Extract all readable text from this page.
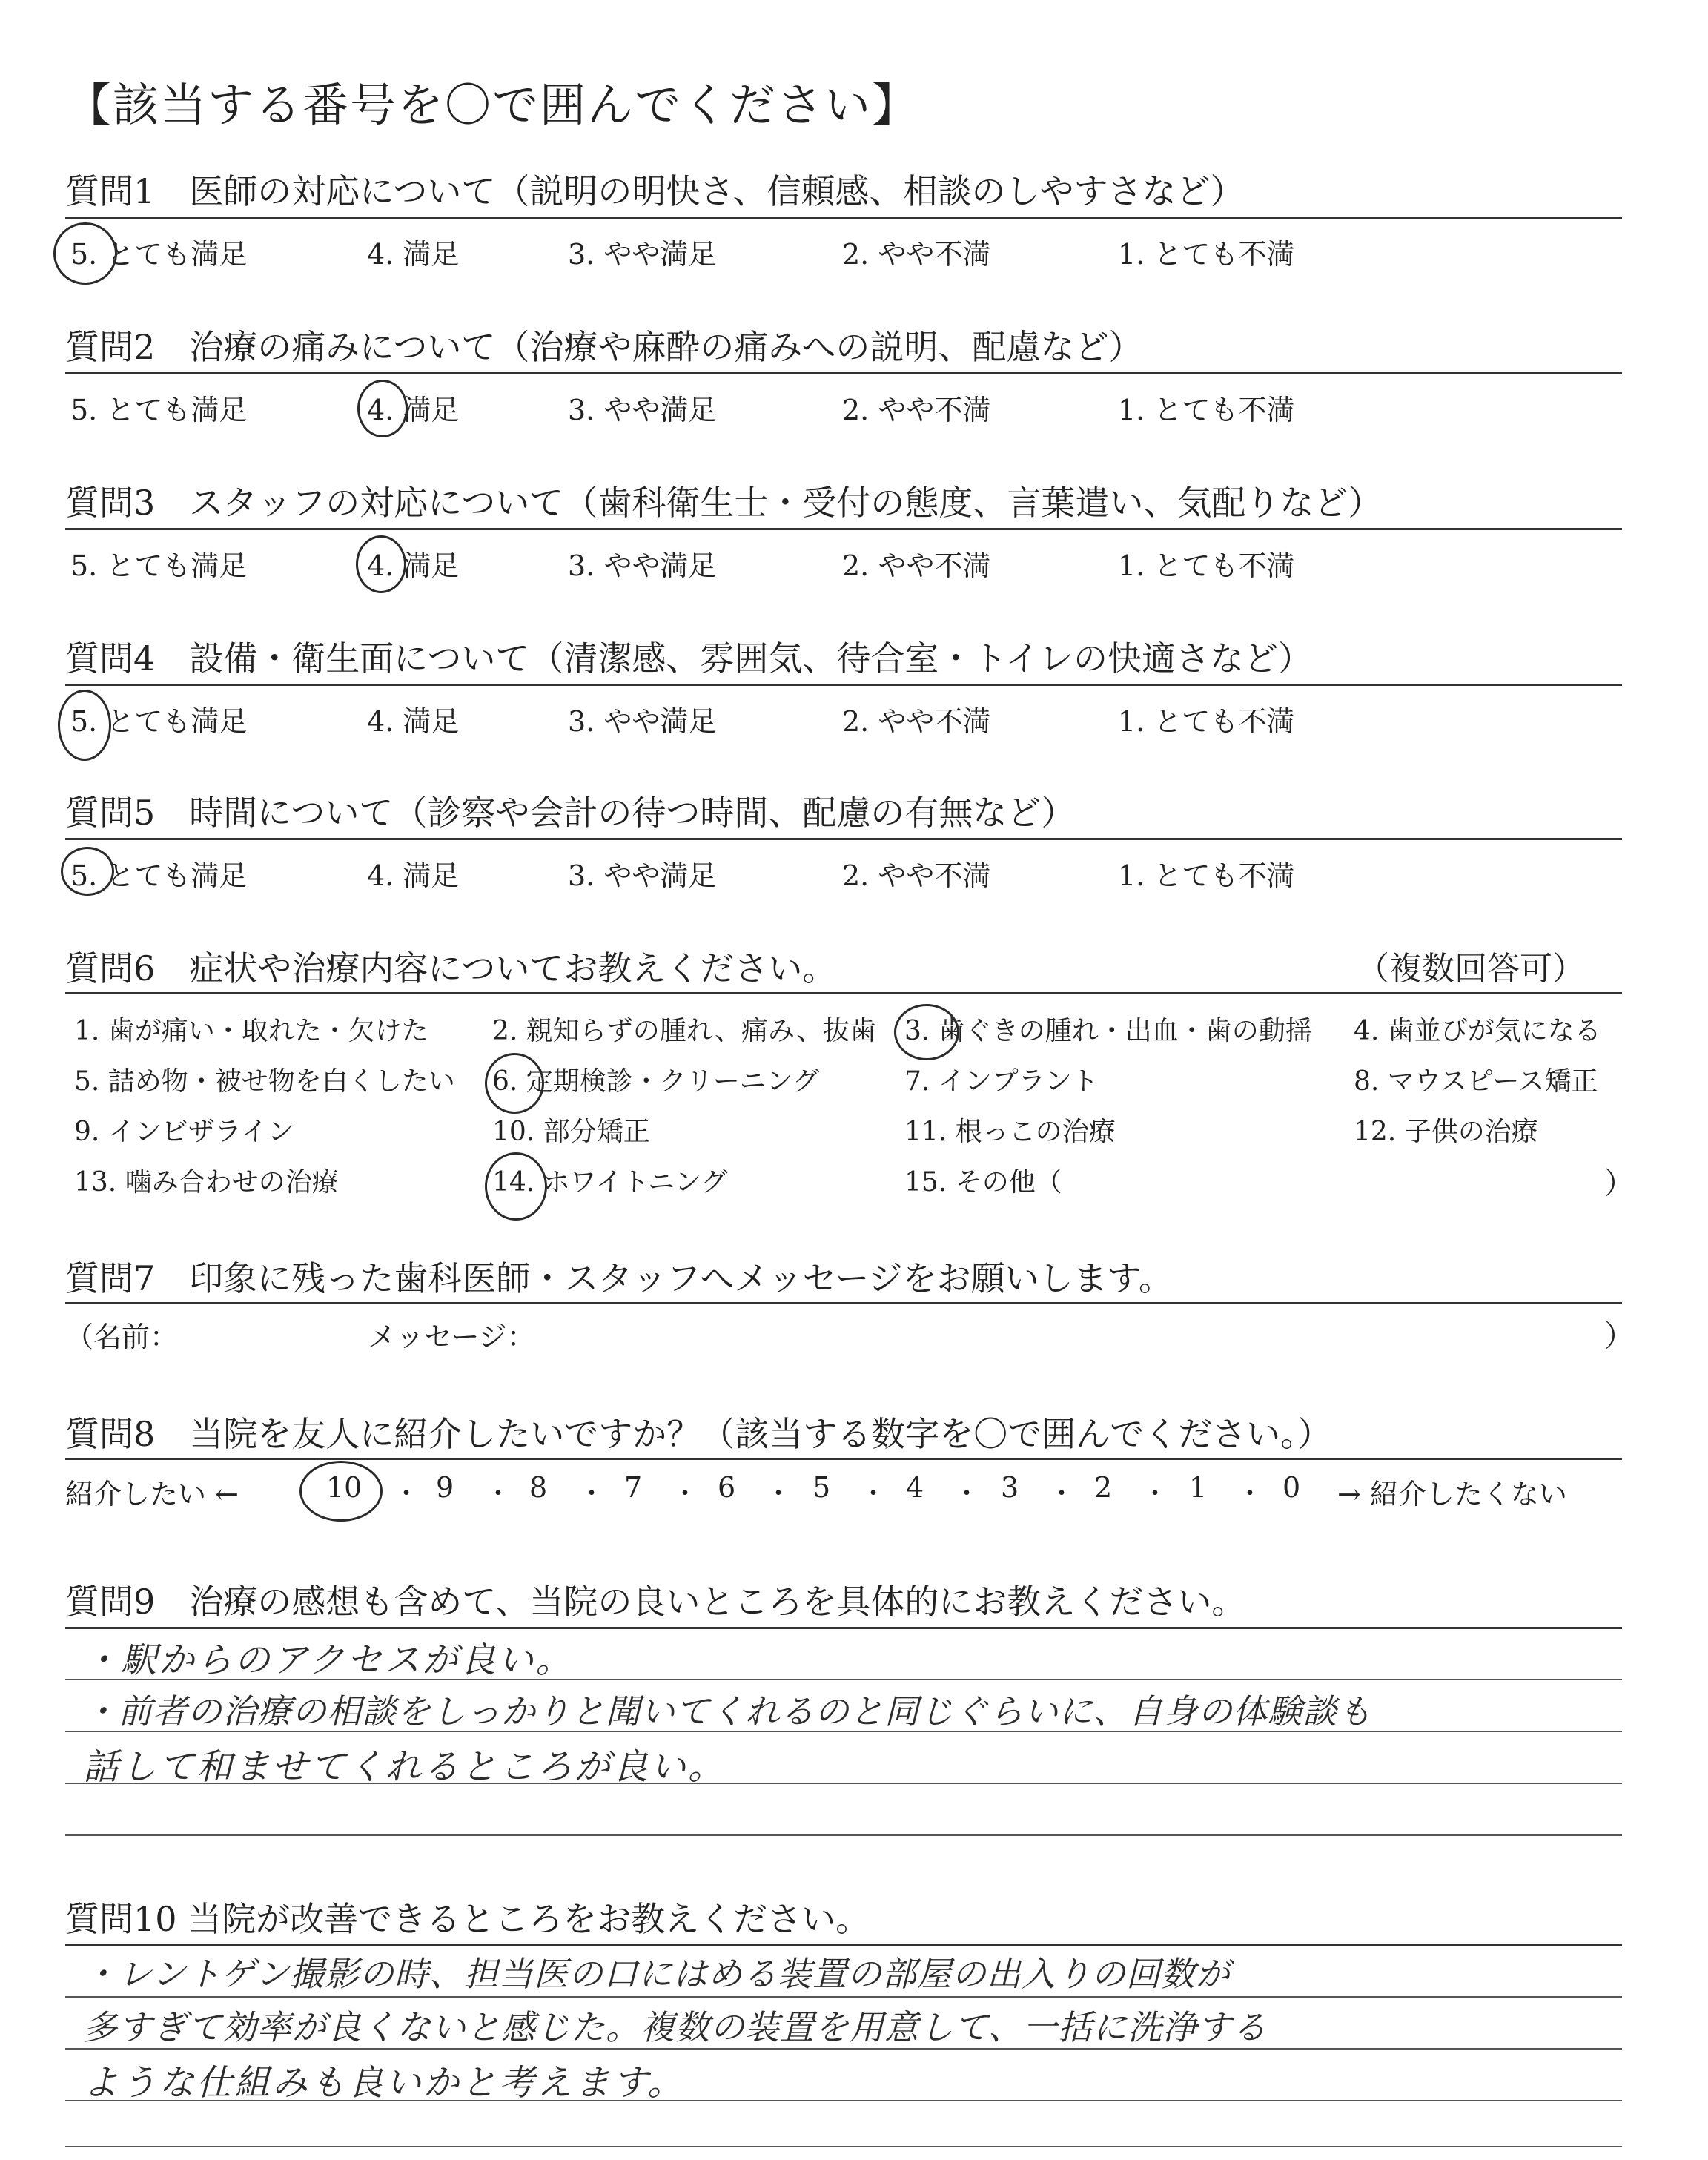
【該当する番号を〇で囲んでください】
質問1　医師の対応について（説明の明快さ、信頼感、相談のしやすさなど）
5. とても満足	4. 満足	3. やや満足	2. やや不満	1. とても不満
質問2　治療の痛みについて（治療や麻酔の痛みへの説明、配慮など）
5. とても満足	4. 満足	3. やや満足	2. やや不満	1. とても不満
質問3　スタッフの対応について（歯科衛生士・受付の態度、言葉遣い、気配りなど）
5. とても満足	4. 満足	3. やや満足	2. やや不満	1. とても不満
質問4　設備・衛生面について（清潔感、雰囲気、待合室・トイレの快適さなど）
5. とても満足	4. 満足	3. やや満足	2. やや不満	1. とても不満
質問5　時間について（診察や会計の待つ時間、配慮の有無など）
5. とても満足	4. 満足	3. やや満足	2. やや不満	1. とても不満
質問6　症状や治療内容についてお教えください。	（複数回答可）
1. 歯が痛い・取れた・欠けた 2. 親知らずの腫れ、痛み、抜歯 3. 歯ぐきの腫れ・出血・歯の動揺 4. 歯並びが気になる
5. 詰め物・被せ物を白くしたい 6. 定期検診・クリーニング	7. インプラント	8. マウスピース矯正
9. インビザライン	10. 部分矯正	11. 根っこの治療	12. 子供の治療
13. 噛み合わせの治療	14. ホワイトニング	15. その他（	）
質問7　印象に残った歯科医師・スタッフへメッセージをお願いします。
（名前：	メッセージ：	）
質問8　当院を友人に紹介したいですか？（該当する数字を〇で囲んでください。）
紹介したい ←	10 ・ 9 ・ 8 ・ 7 ・ 6 ・ 5 ・ 4 ・ 3 ・ 2 ・ 1 ・ 0 → 紹介したくない
質問9　治療の感想も含めて、当院の良いところを具体的にお教えください。
・駅からのアクセスが良い。
・前者の治療の相談をしっかりと聞いてくれるのと同じぐらいに、自身の体験談も
話して和ませてくれるところが良い。
質問10 当院が改善できるところをお教えください。
・レントゲン撮影の時、担当医の口にはめる装置の部屋の出入りの回数が
多すぎて効率が良くないと感じた。複数の装置を用意して、一括に洗浄する
ような仕組みも良いかと考えます。
